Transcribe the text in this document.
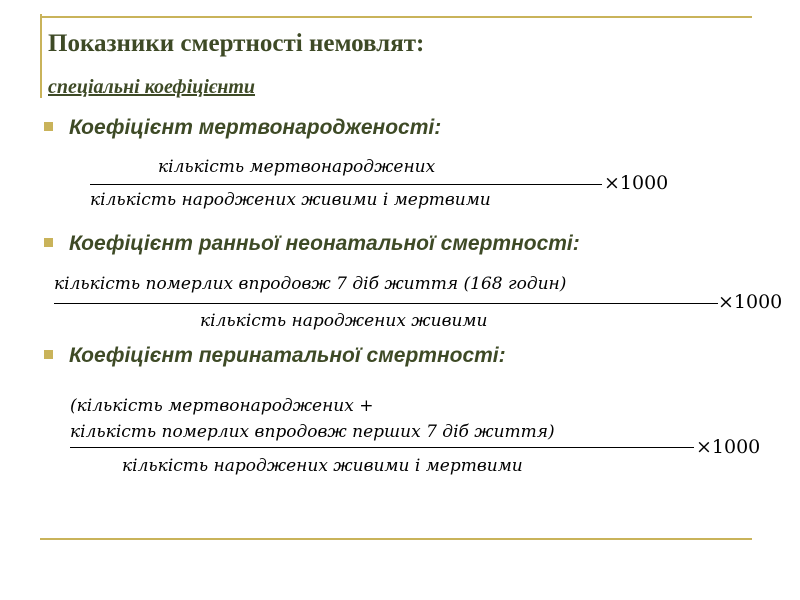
Показники смертності немовлят:
спеціальні коефіцієнти
Коефіцієнт мертвонародженості:
кількість мертвонароджених
кількість народжених живими і мертвими
×1000
Коефіцієнт ранньої неонатальної смертності:
кількість померлих впродовж 7 діб життя (168 годин)
кількість народжених живими
×1000
Коефіцієнт перинатальної смертності:
(кількість мертвонароджених +
кількість померлих впродовж перших 7 діб життя)
кількість народжених живими і мертвими
×1000
